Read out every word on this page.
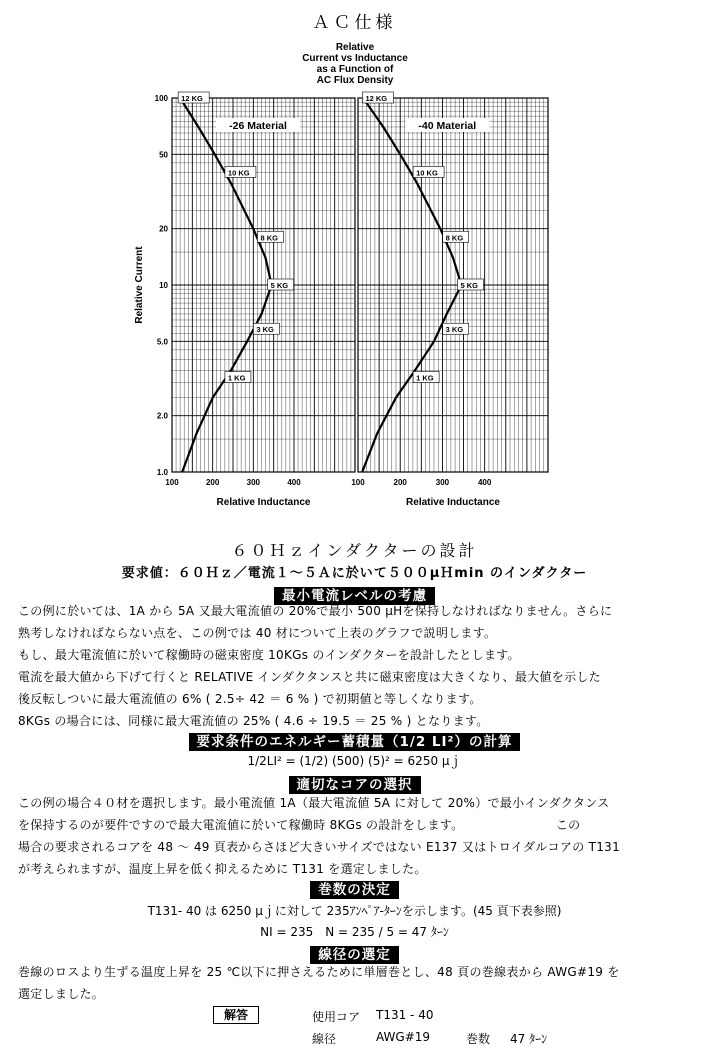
ＡＣ仕様
Relative
Current vs Inductance
as a Function of
AC Flux Density
-26 Material
12 KG
10 KG
8 KG
5 KG
3 KG
1 KG
100	200	300	400
1.0
2.0
5.0
10
20
50
100
Relative Inductance
Relative Current
-40 Material
12 KG
10 KG
8 KG
5 KG
3 KG
1 KG
100	200	300	400
Relative Inductance
６０Ｈｚインダクターの設計
要求値：６０Ｈｚ／電流１～５Ａに於いて５００μＨmin のインダクター
最小電流レベルの考慮
この例に於いては、1A から 5A 又最大電流値の 20%で最小 500 μHを保持しなければなりません。さらに
熟考しなければならない点を、この例では 40 材について上表のグラフで説明します。
もし、最大電流値に於いて稼働時の磁束密度 10KGs のインダクターを設計したとします。
電流を最大値から下げて行くと RELATIVE インダクタンスと共に磁束密度は大きくなり、最大値を示した
後反転しついに最大電流値の 6% ( 2.5÷ 42 ＝ 6 % ) で初期値と等しくなります。
8KGs の場合には、同様に最大電流値の 25% ( 4.6 ÷ 19.5 ＝ 25 % ) となります。
要求条件のエネルギー蓄積量（1/2 LI²）の計算
1/2LI² = (1/2) (500) (5)² = 6250 μｊ
適切なコアの選択
この例の場合４０材を選択します。最小電流値 1A（最大電流値 5A に対して 20%）で最小インダクタンス
を保持するのが要件ですので最大電流値に於いて稼働時 8KGs の設計をします。　　　　　　　　この
場合の要求されるコアを 48 ～ 49 頁表からさほど大きいサイズではない E137 又はトロイダルコアの T131
が考えられますが、温度上昇を低く抑えるために T131 を選定しました。
巻数の決定
T131- 40 は 6250 μｊに対して 235ｱﾝﾍﾟｱ-ﾀｰﾝを示します。(45 頁下表参照)
NI = 235　N = 235 / 5 = 47 ﾀｰﾝ
線径の選定
巻線のロスより生ずる温度上昇を 25 ℃以下に押さえるために単層巻とし、48 頁の巻線表から AWG#19 を
選定しました。
解答	使用コア T131 - 40
線径	AWG#19	巻数 47 ﾀｰﾝ
